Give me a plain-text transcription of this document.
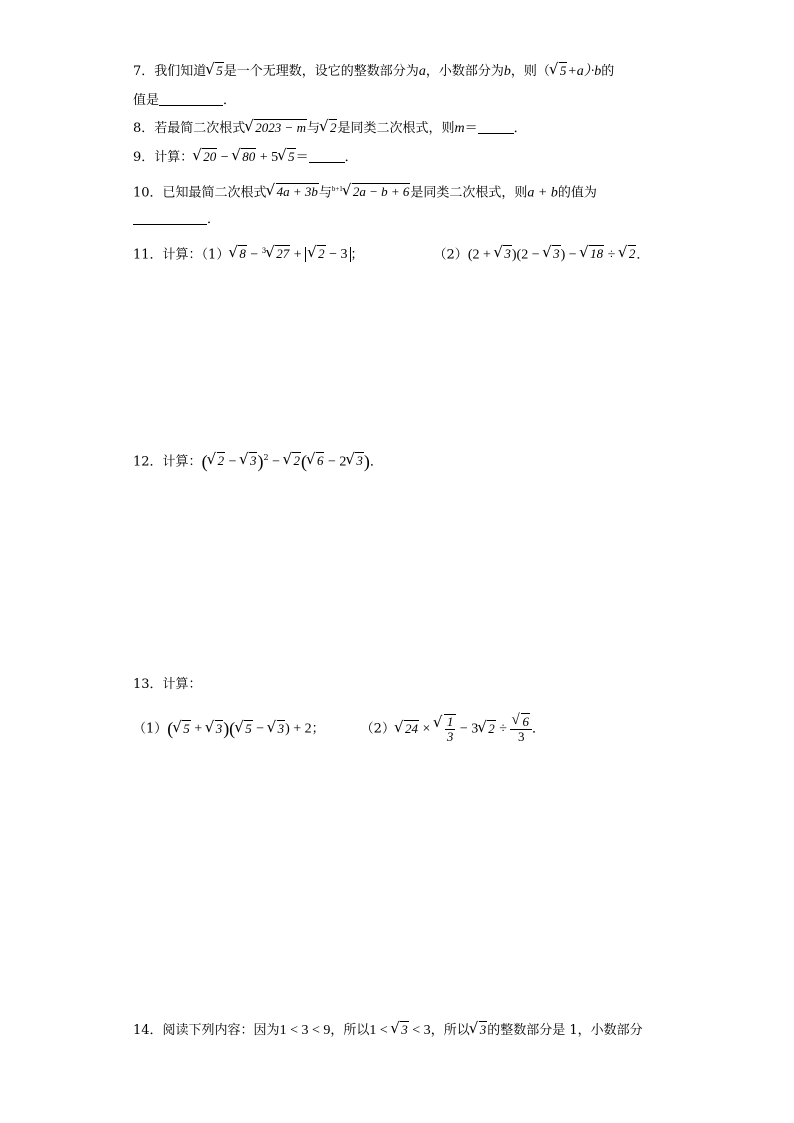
7．我们知道√ 5是一个无理数，设它的整数部分为a，小数部分为b，则（√ 5+a）·b的
值是	．
8．若最简二次根式√ 2023 − m与√ 2是同类二次根式，则m＝	．
9．计算：√ 20 − √ 80 + 5√ 5＝	．
10．已知最简二次根式√ 4a + 3b与$^{b+1}$√ 2a − b + 6是同类二次根式，则a + b的值为
．
11．计算：（1）√ 8 − $^3$√ 27 + √ 2 − 3 ；	（2）(2 + √ 3)(2 − √ 3) − √ 18 ÷ √ 2．
12．计算：(√ 2 − √ 3)$^2$ − √ 2(√ 6 − 2√ 3)．
13．计算：
（1）(√ 5 + √ 3)(√ 5 − √ 3) + 2；	（2）√ 24 ×
√ $\frac{1}{3} - 3√$ 2 ÷
√ $\frac{6}{3}$ ．
14．阅读下列内容：因为1 < 3 < 9，所以1 < √ 3 < 3，所以√ 3的整数部分是 1，小数部分
